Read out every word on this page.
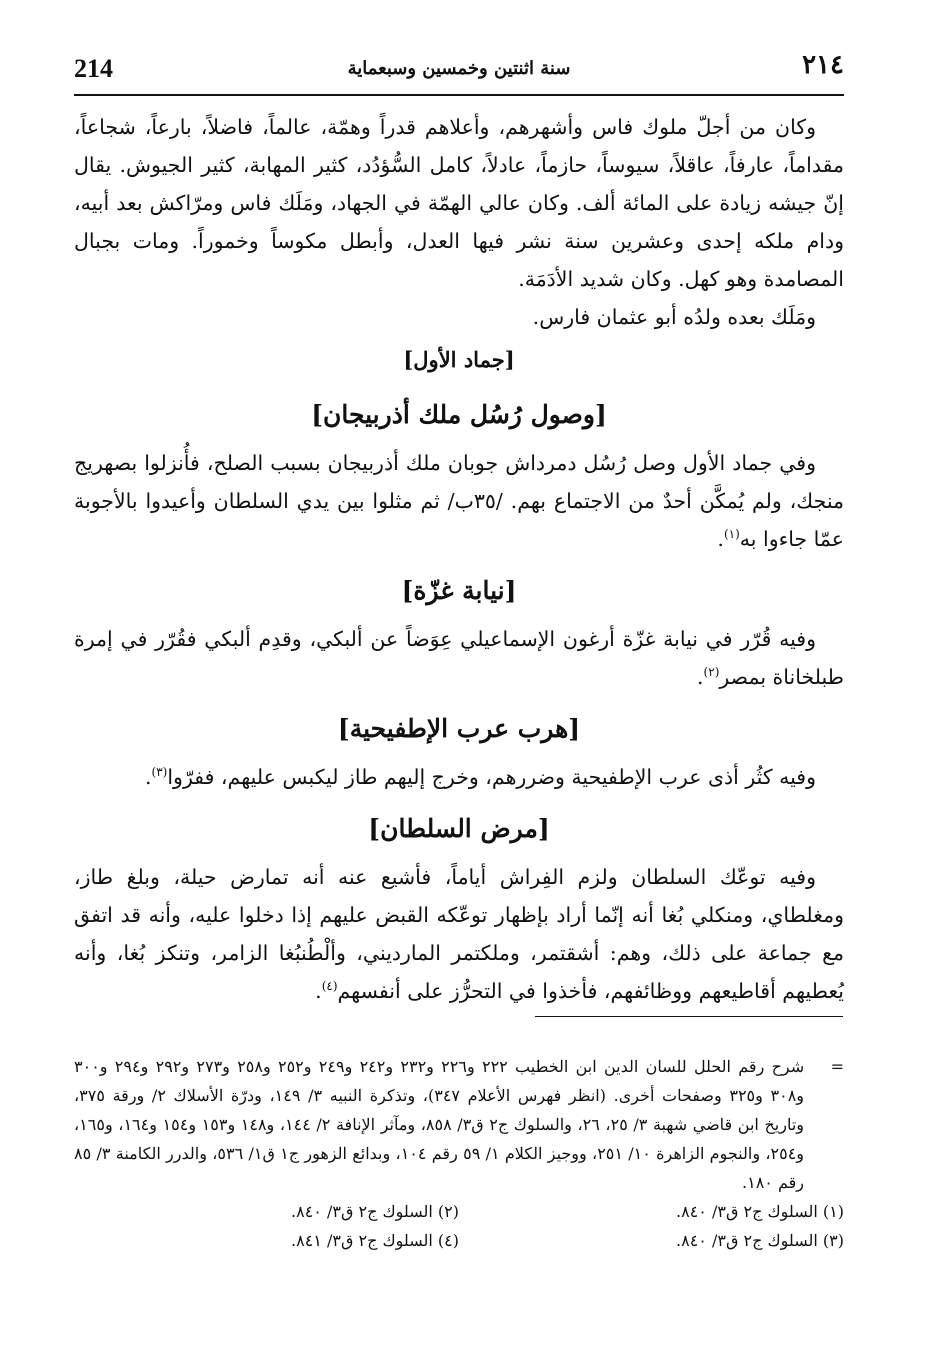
214	سنة اثنتين وخمسين وسبعماية	٢١٤

وكان من أجلّ ملوك فاس وأشهرهم، وأعلاهم قدراً وهمّة، عالماً، فاضلاً، بارعاً، شجاعاً، مقداماً، عارفاً، عاقلاً، سيوساً، حازماً، عادلاً، كامل السُّؤدُد، كثير المهابة، كثير الجيوش. يقال إنّ جيشه زيادة على المائة ألف. وكان عالي الهمّة في الجهاد، ومَلَك فاس ومرّاكش بعد أبيه، ودام ملكه إحدى وعشرين سنة نشر فيها العدل، وأبطل مكوساً وخموراً. ومات بجبال المصامدة وهو كهل. وكان شديد الأدَمَة.

ومَلَك بعده ولدُه أبو عثمان فارس.

[جماد الأول]

[وصول رُسُل ملك أذربيجان]

وفي جماد الأول وصل رُسُل دمرداش جوبان ملك أذربيجان بسبب الصلح، فأُنزلوا بصهريج منجك، ولم يُمكَّن أحدٌ من الاجتماع بهم. /٣٥ب/ ثم مثلوا بين يدي السلطان وأعيدوا بالأجوبة عمّا جاءوا به$^{(١)}$.

[نيابة غزّة]

وفيه قُرّر في نيابة غزّة أرغون الإسماعيلي عِوَضاً عن ألبكي، وقدِم ألبكي فقُرّر في إمرة طبلخاناة بمصر$^{(٢)}$.

[هرب عرب الإطفيحية]

وفيه كثُر أذى عرب الإطفيحية وضررهم، وخرج إليهم طاز ليكبس عليهم، ففرّوا$^{(٣)}$.

[مرض السلطان]

وفيه توعّك السلطان ولزم الفِراش أياماً، فأشيع عنه أنه تمارض حيلة، وبلغ طاز، ومغلطاي، ومنكلي بُغا أنه إنّما أراد بإظهار توعّكه القبض عليهم إذا دخلوا عليه، وأنه قد اتفق مع جماعة على ذلك، وهم: أشقتمر، وملكتمر المارديني، وألْطُنبُغا الزامر، وتنكز بُغا، وأنه يُعطيهم أقاطيعهم ووظائفهم، فأخذوا في التحرُّز على أنفسهم$^{(٤)}$.

=
شرح رقم الحلل للسان الدين ابن الخطيب ٢٢٢ و٢٢٦ و٢٣٢ و٢٤٢ و٢٤٩ و٢٥٢ و٢٥٨ و٢٧٣ و٢٩٢ و٢٩٤ و٣٠٠ و٣٠٨ و٣٢٥ وصفحات أخرى. (انظر فهرس الأعلام ٣٤٧)، وتذكرة النبيه ٣/ ١٤٩، ودرّة الأسلاك ٢/ ورقة ٣٧٥، وتاريخ ابن قاضي شهبة ٣/ ٢٥، ٢٦، والسلوك ج٢ ق٣/ ٨٥٨، ومآثر الإنافة ٢/ ١٤٤، و١٤٨ و١٥٣ و١٥٤ و١٦٤، و١٦٥، و٢٥٤، والنجوم الزاهرة ١٠/ ٢٥١، ووجيز الكلام ١/ ٥٩ رقم ١٠٤، وبدائع الزهور ج١ ق١/ ٥٣٦، والدرر الكامنة ٣/ ٨٥ رقم ١٨٠.

(١) السلوك ج٢ ق٣/ ٨٤٠.
(٢) السلوك ج٢ ق٣/ ٨٤٠.
(٣) السلوك ج٢ ق٣/ ٨٤٠.
(٤) السلوك ج٢ ق٣/ ٨٤١.
